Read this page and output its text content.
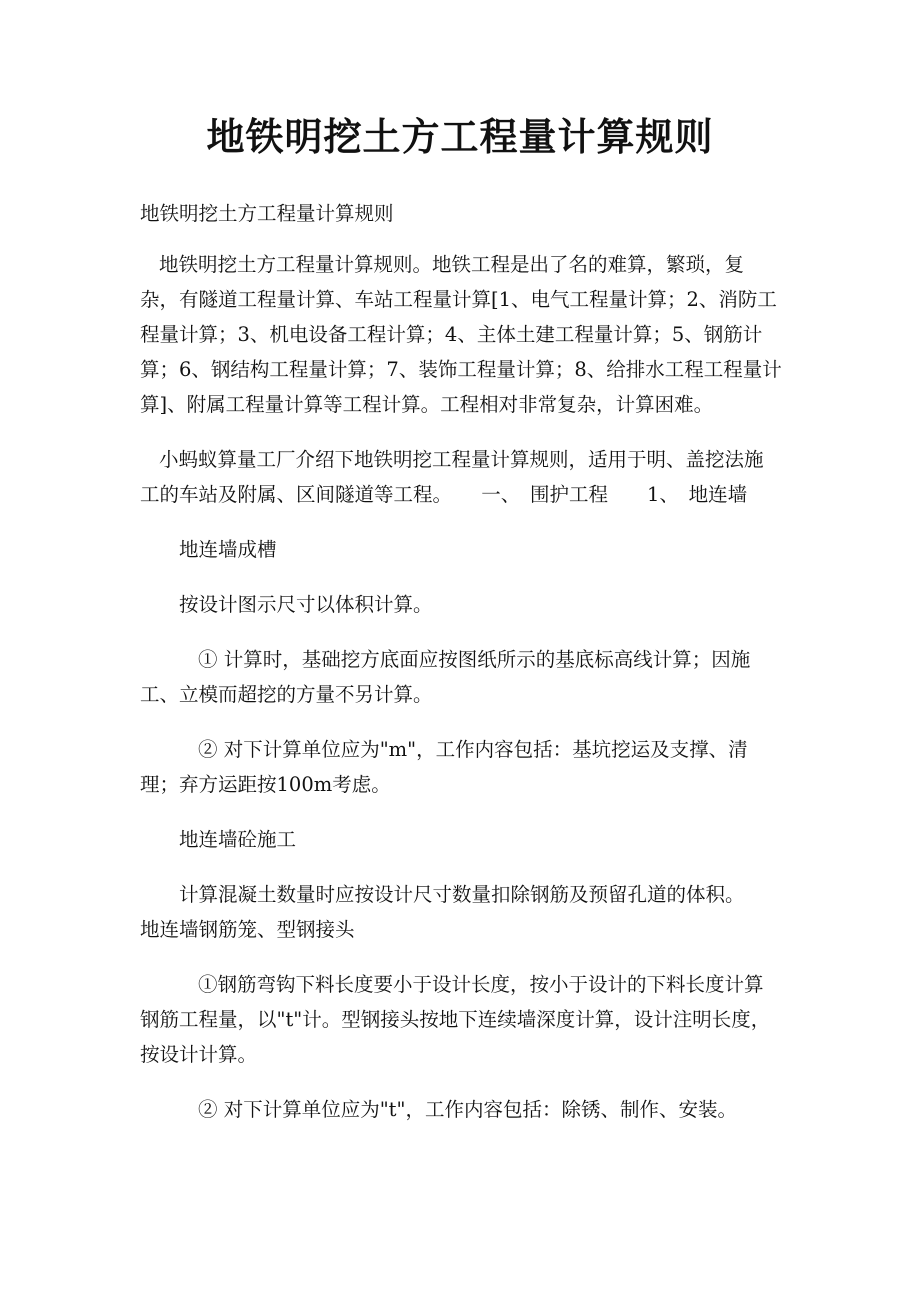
地铁明挖土方工程量计算规则

地铁明挖土方工程量计算规则

地铁明挖土方工程量计算规则。地铁工程是出了名的难算，繁琐，复杂，有隧道工程量计算、车站工程量计算[1、电气工程量计算；2、消防工程量计算；3、机电设备工程计算；4、主体土建工程量计算；5、钢筋计算；6、钢结构工程量计算；7、装饰工程量计算；8、给排水工程工程量计算]、附属工程量计算等工程计算。工程相对非常复杂，计算困难。

小蚂蚁算量工厂介绍下地铁明挖工程量计算规则，适用于明、盖挖法施工的车站及附属、区间隧道等工程。　　一、　围护工程　　1、　地连墙

地连墙成槽

按设计图示尺寸以体积计算。

① 计算时，基础挖方底面应按图纸所示的基底标高线计算；因施工、立模而超挖的方量不另计算。

② 对下计算单位应为"m"，工作内容包括：基坑挖运及支撑、清理；弃方运距按100m考虑。

地连墙砼施工

计算混凝土数量时应按设计尺寸数量扣除钢筋及预留孔道的体积。

地连墙钢筋笼、型钢接头

①钢筋弯钩下料长度要小于设计长度，按小于设计的下料长度计算钢筋工程量，以"t"计。型钢接头按地下连续墙深度计算，设计注明长度，按设计计算。

② 对下计算单位应为"t"，工作内容包括：除锈、制作、安装。
